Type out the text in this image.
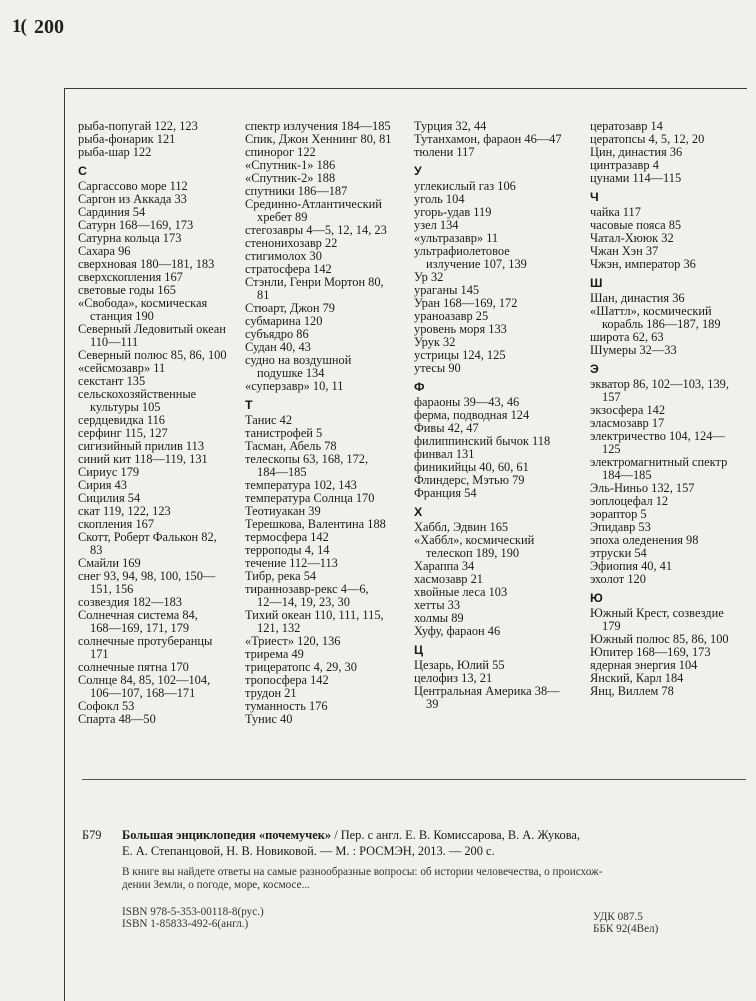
1( 200
рыба-попугай 122, 123
рыба-фонарик 121
рыба-шар 122
С
Саргассово море 112
Саргон из Аккада 33
Сардиния 54
Сатурн 168—169, 173
Сатурна кольца 173
Сахара 96
сверхновая 180—181, 183
сверхскопления 167
световые годы 165
«Свобода», космическая
станция 190
Северный Ледовитый океан
110—111
Северный полюс 85, 86, 100
«сейсмозавр» 11
секстант 135
сельскохозяйственные
культуры 105
сердцевидка 116
серфинг 115, 127
сигизийный прилив 113
синий кит 118—119, 131
Сириус 179
Сирия 43
Сицилия 54
скат 119, 122, 123
скопления 167
Скотт, Роберт Фалькон 82,
83
Смайли 169
снег 93, 94, 98, 100, 150—
151, 156
созвездия 182—183
Солнечная система 84,
168—169, 171, 179
солнечные протуберанцы
171
солнечные пятна 170
Солнце 84, 85, 102—104,
106—107, 168—171
Софокл 53
Спарта 48—50
спектр излучения 184—185
Спик, Джон Хеннинг 80, 81
спинорог 122
«Спутник-1» 186
«Спутник-2» 188
спутники 186—187
Срединно-Атлантический
хребет 89
стегозавры 4—5, 12, 14, 23
стенонихозавр 22
стигимолох 30
стратосфера 142
Стэнли, Генри Мортон 80,
81
Стюарт, Джон 79
субмарина 120
субъядро 86
Судан 40, 43
судно на воздушной
подушке 134
«суперзавр» 10, 11
Т
Танис 42
танистрофей 5
Тасман, Абель 78
телескопы 63, 168, 172,
184—185
температура 102, 143
температура Солнца 170
Теотиуакан 39
Терешкова, Валентина 188
термосфера 142
терроподы 4, 14
течение 112—113
Тибр, река 54
тираннозавр-рекс 4—6,
12—14, 19, 23, 30
Тихий океан 110, 111, 115,
121, 132
«Триест» 120, 136
трирема 49
трицератопс 4, 29, 30
тропосфера 142
трудон 21
туманность 176
Тунис 40
Турция 32, 44
Тутанхамон, фараон 46—47
тюлени 117
У
углекислый газ 106
уголь 104
угорь-удав 119
узел 134
«ультразавр» 11
ультрафиолетовое
излучение 107, 139
Ур 32
ураганы 145
Уран 168—169, 172
ураноазавр 25
уровень моря 133
Урук 32
устрицы 124, 125
утесы 90
Ф
фараоны 39—43, 46
ферма, подводная 124
Фивы 42, 47
филиппинский бычок 118
финвал 131
финикийцы 40, 60, 61
Флиндерс, Мэтью 79
Франция 54
Х
Хаббл, Эдвин 165
«Хаббл», космический
телескоп 189, 190
Хараппа 34
хасмозавр 21
хвойные леса 103
хетты 33
холмы 89
Хуфу, фараон 46
Ц
Цезарь, Юлий 55
целофиз 13, 21
Центральная Америка 38—
39
цератозавр 14
цератопсы 4, 5, 12, 20
Цин, династия 36
цинтразавр 4
цунами 114—115
Ч
чайка 117
часовые пояса 85
Чатал-Хююк 32
Чжан Хэн 37
Чжэн, император 36
Ш
Шан, династия 36
«Шаттл», космический
корабль 186—187, 189
широта 62, 63
Шумеры 32—33
Э
экватор 86, 102—103, 139,
157
экзосфера 142
эласмозавр 17
электричество 104, 124—
125
электромагнитный спектр
184—185
Эль-Ниньо 132, 157
эоплоцефал 12
эораптор 5
Эпидавр 53
эпоха оледенения 98
этруски 54
Эфиопия 40, 41
эхолот 120
Ю
Южный Крест, созвездие
179
Южный полюс 85, 86, 100
Юпитер 168—169, 173
ядерная энергия 104
Янский, Карл 184
Янц, Виллем 78
Б79 Большая энциклопедия «почемучек» / Пер. с англ. Е. В. Комиссарова, В. А. Жукова,
Е. А. Степанцовой, Н. В. Новиковой. — М. : РОСМЭН, 2013. — 200 с.
В книге вы найдете ответы на самые разнообразные вопросы: об истории человечества, о происхож-
дении Земли, о погоде, море, космосе...
ISBN 978-5-353-00118-8(рус.)
ISBN 1-85833-492-6(англ.)
УДК 087.5
ББК 92(4Вел)
